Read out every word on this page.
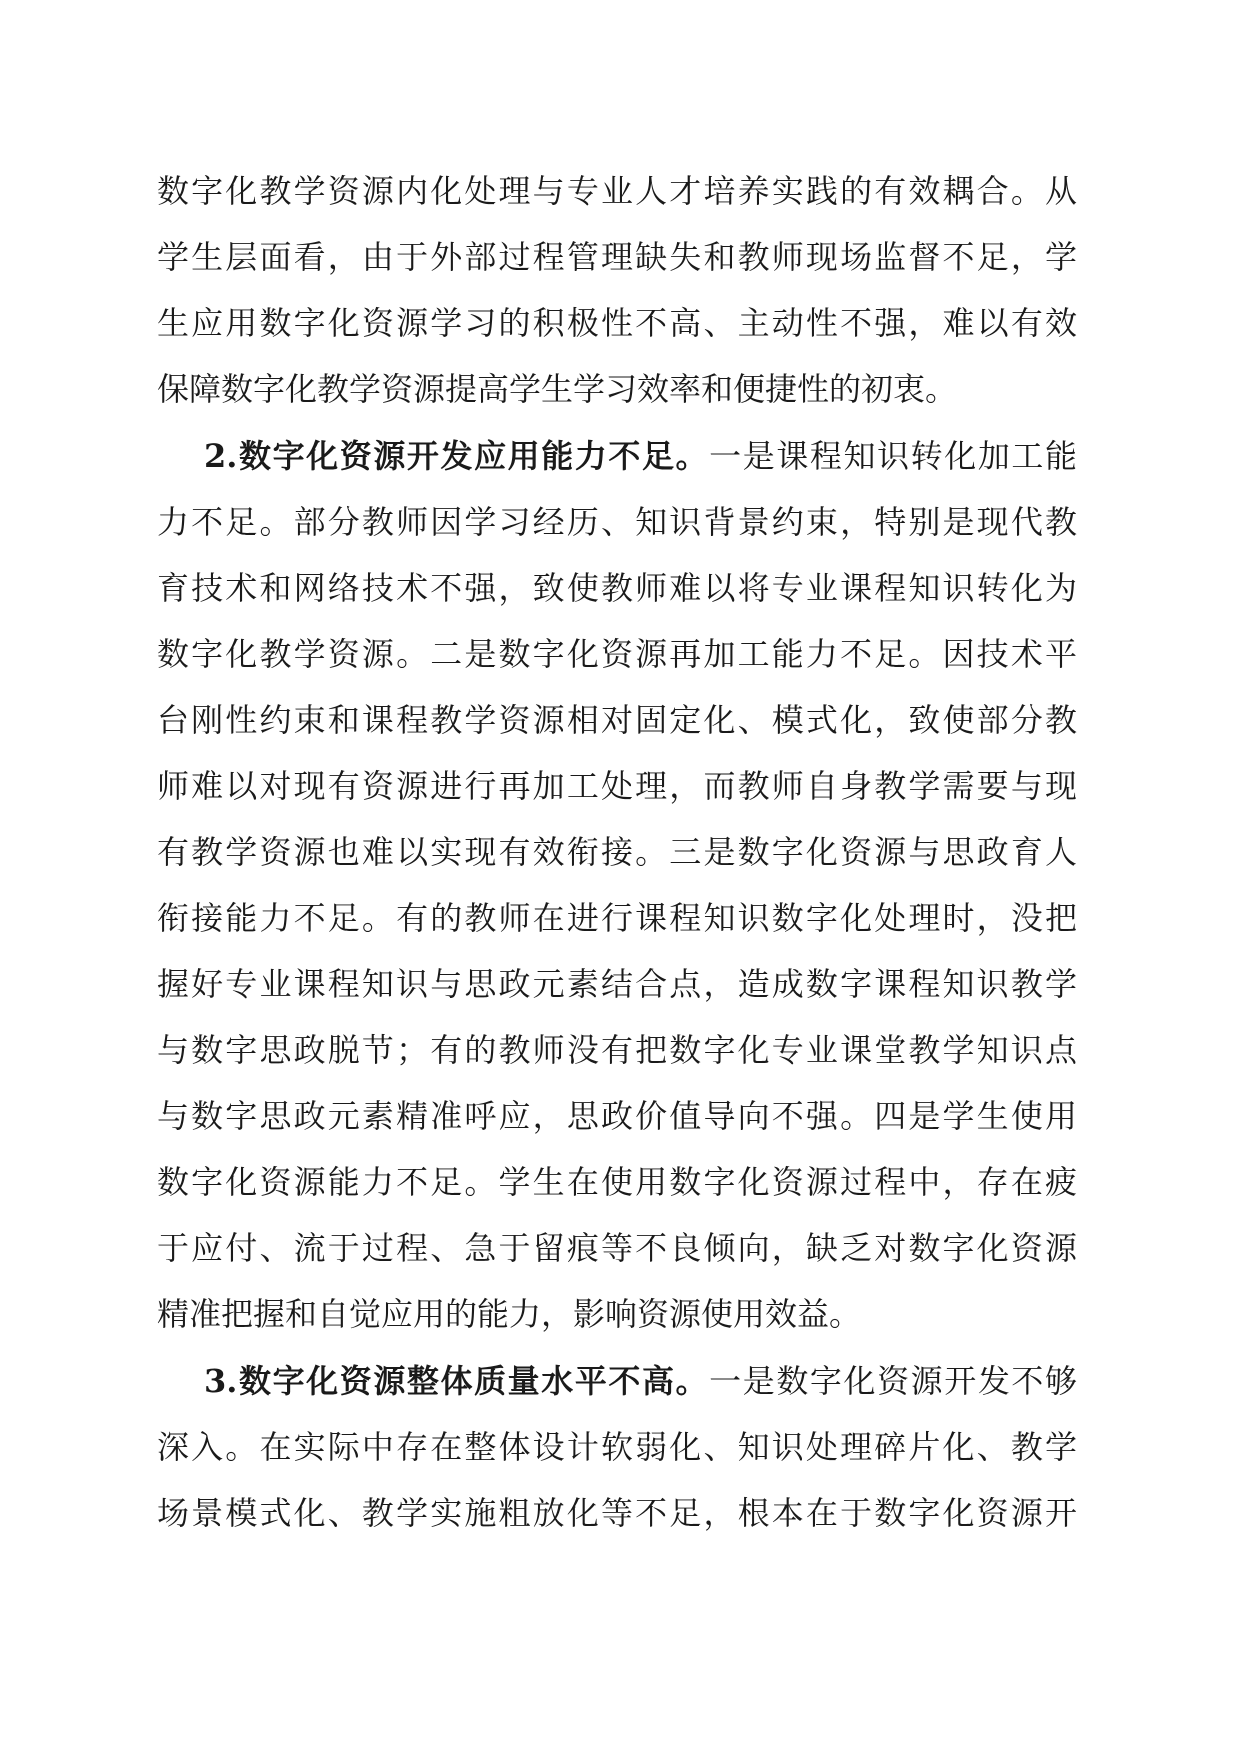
数字化教学资源内化处理与专业人才培养实践的有效耦合。从
学生层面看，由于外部过程管理缺失和教师现场监督不足，学
生应用数字化资源学习的积极性不高、主动性不强，难以有效
保障数字化教学资源提高学生学习效率和便捷性的初衷。
2.数字化资源开发应用能力不足。一是课程知识转化加工能
力不足。部分教师因学习经历、知识背景约束，特别是现代教
育技术和网络技术不强，致使教师难以将专业课程知识转化为
数字化教学资源。二是数字化资源再加工能力不足。因技术平
台刚性约束和课程教学资源相对固定化、模式化，致使部分教
师难以对现有资源进行再加工处理，而教师自身教学需要与现
有教学资源也难以实现有效衔接。三是数字化资源与思政育人
衔接能力不足。有的教师在进行课程知识数字化处理时，没把
握好专业课程知识与思政元素结合点，造成数字课程知识教学
与数字思政脱节；有的教师没有把数字化专业课堂教学知识点
与数字思政元素精准呼应，思政价值导向不强。四是学生使用
数字化资源能力不足。学生在使用数字化资源过程中，存在疲
于应付、流于过程、急于留痕等不良倾向，缺乏对数字化资源
精准把握和自觉应用的能力，影响资源使用效益。
3.数字化资源整体质量水平不高。一是数字化资源开发不够
深入。在实际中存在整体设计软弱化、知识处理碎片化、教学
场景模式化、教学实施粗放化等不足，根本在于数字化资源开
